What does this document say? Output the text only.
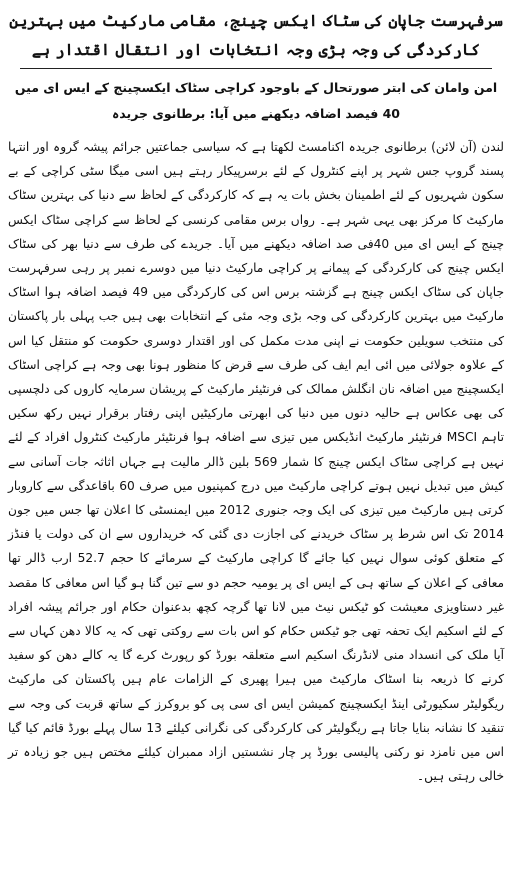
سرفہرست جاپان کی سٹاک ایکس چینج، مقامی مارکیٹ میں بہترین کارکردگی کی وجہ بڑی وجہ انتخابات اور انتقال اقتدار ہے
امن وامان کی ابتر صورتحال کے باوجود کراچی سٹاک ایکسچینج کے ایس ای میں 40 فیصد اضافہ دیکھنے میں آیا: برطانوی جریدہ

لندن (آن لائن) برطانوی جریدہ اکنامسٹ لکھتا ہے کہ سیاسی جماعتیں جرائم پیشہ گروہ اور انتہا پسند گروپ جس شہر پر اپنے کنٹرول کے لئے برسرپیکار رہتے ہیں اسی میگا سٹی کراچی کے بے سکون شہریوں کے لئے اطمینان بخش بات یہ ہے کہ کارکردگی کے لحاظ سے دنیا کی بہترین سٹاک مارکیٹ کا مرکز بھی یہی شہر ہے۔ رواں برس مقامی کرنسی کے لحاظ سے کراچی سٹاک ایکس چینج کے ایس ای میں 40فی صد اضافہ دیکھنے میں آیا۔ جریدے کی طرف سے دنیا بھر کی سٹاک ایکس چینج کی کارکردگی کے پیمانے پر کراچی مارکیٹ دنیا میں دوسرے نمبر پر رہی سرفہرست جاپان کی سٹاک ایکس چینج ہے گزشتہ برس اس کی کارکردگی میں 49 فیصد اضافہ ہوا اسٹاک مارکیٹ میں بہترین کارکردگی کی وجہ بڑی وجہ مئی کے انتخابات بھی ہیں جب پہلی بار پاکستان کی منتخب سویلین حکومت نے اپنی مدت مکمل کی اور اقتدار دوسری حکومت کو منتقل کیا اس کے علاوہ جولائی میں ائی ایم ایف کی طرف سے قرض کا منظور ہونا بھی وجہ ہے کراچی اسٹاک ایکسچینج میں اضافہ نان انگلش ممالک کی فرنٹیئر مارکیٹ کے پریشان سرمایہ کاروں کی دلچسپی کی بھی عکاس ہے حالیہ دنوں میں دنیا کی ابھرتی مارکیٹیں اپنی رفتار برقرار نہیں رکھ سکیں تاہم MSCI فرنٹیئر مارکیٹ انڈیکس میں تیزی سے اضافہ ہوا فرنٹیئر مارکیٹ کنٹرول افراد کے لئے نہیں ہے کراچی سٹاک ایکس چینج کا شمار 569 بلین ڈالر مالیت ہے جہاں اثاثہ جات آسانی سے کیش میں تبدیل نہیں ہوتے کراچی مارکیٹ میں درج کمپنیوں میں صرف 60 باقاعدگی سے کاروبار کرتی ہیں مارکیٹ میں تیزی کی ایک وجہ جنوری 2012 میں ایمنسٹی کا اعلان تھا جس میں جون 2014 تک اس شرط پر سٹاک خریدنے کی اجازت دی گئی کہ خریداروں سے ان کی دولت یا فنڈز کے متعلق کوئی سوال نہیں کیا جائے گا کراچی مارکیٹ کے سرمائے کا حجم 52.7 ارب ڈالر تھا معافی کے اعلان کے ساتھ ہی کے ایس ای پر یومیہ حجم دو سے تین گنا ہو گیا اس معافی کا مقصد غیر دستاویزی معیشت کو ٹیکس نیٹ میں لانا تھا گرچہ کچھ بدعنوان حکام اور جرائم پیشہ افراد کے لئے اسکیم ایک تحفہ تھی جو ٹیکس حکام کو اس بات سے روکتی تھی کہ یہ کالا دھن کہاں سے آیا ملک کی انسداد منی لانڈرنگ اسکیم اسے متعلقہ بورڈ کو رپورٹ کرے گا یہ کالے دھن کو سفید کرنے کا ذریعہ بنا اسٹاک مارکیٹ میں ہیرا پھیری کے الزامات عام ہیں پاکستان کی مارکیٹ ریگولیٹر سکیورٹی اینڈ ایکسچینج کمیشن ایس ای سی پی کو بروکرز کے ساتھ قربت کی وجہ سے تنقید کا نشانہ بنایا جاتا ہے ریگولیٹر کی کارکردگی کی نگرانی کیلئے 13 سال پہلے بورڈ قائم کیا گیا اس میں نامزد نو رکنی پالیسی بورڈ پر چار نشستیں ازاد ممبران کیلئے مختص ہیں جو زیادہ تر خالی رہتی ہیں۔
